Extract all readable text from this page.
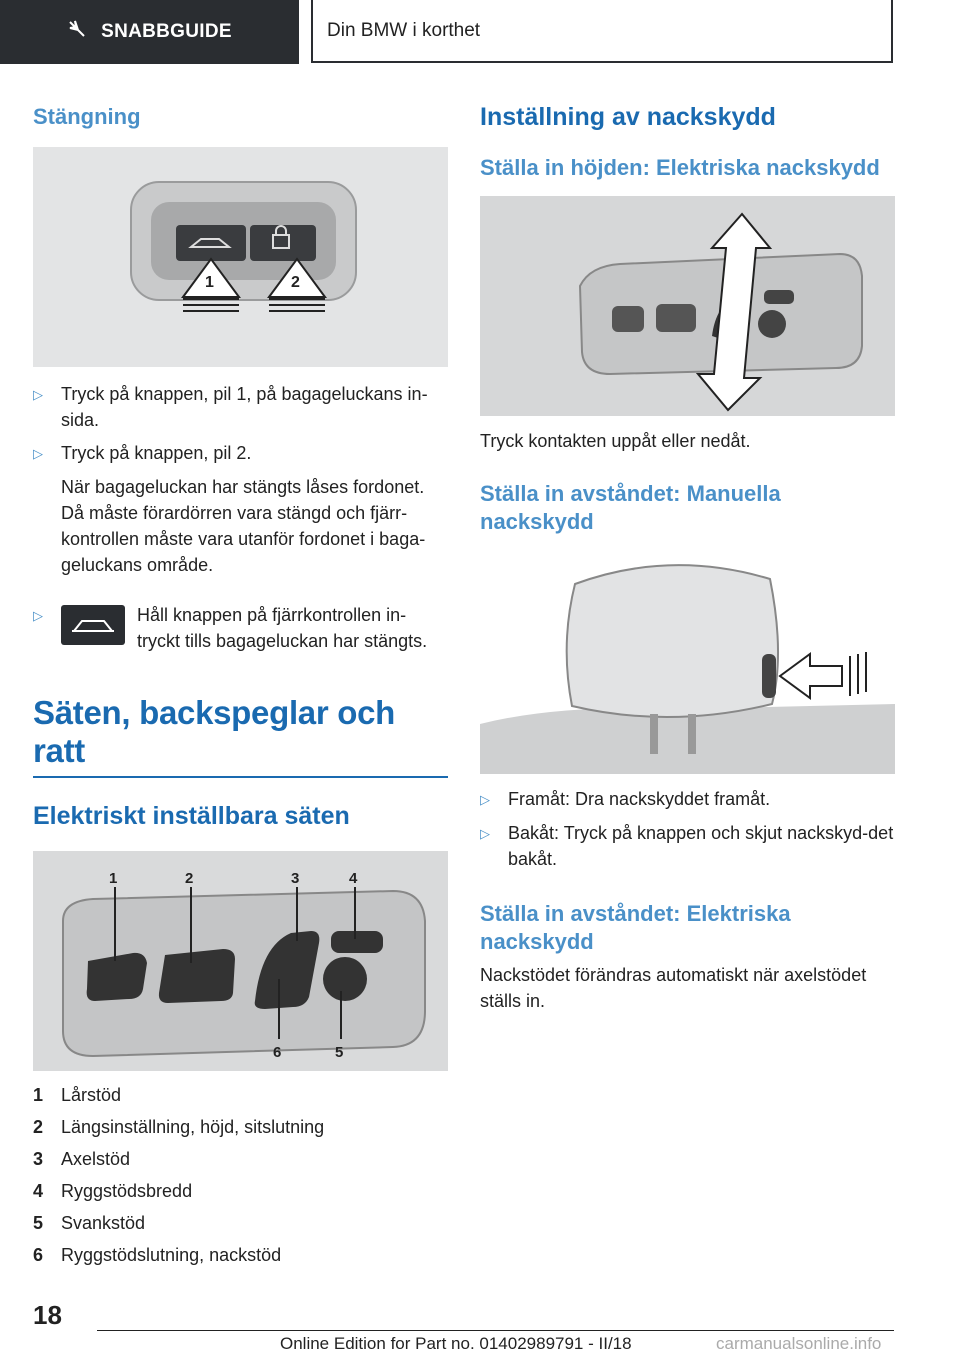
SNABBGUIDE	Din BMW i korthet
Stängning
1	2
▷	Tryck på knappen, pil 1, på bagageluckans in-sida.
▷	Tryck på knappen, pil 2.

När bagageluckan har stängts låses fordonet. Då måste förardörren vara stängd och fjärr-kontrollen måste vara utanför fordonet i baga-geluckans område.

▷	Håll knappen på fjärrkontrollen in-tryckt tills bagageluckan har stängts.
Säten, backspeglar och ratt
Elektriskt inställbara säten
1	2	3	4
6	5
1 Lårstöd
2 Längsinställning, höjd, sitslutning
3 Axelstöd
4 Ryggstödsbredd
5 Svankstöd
6 Ryggstödslutning, nackstöd
Inställning av nackskydd
Ställa in höjden: Elektriska nackskydd

Tryck kontakten uppåt eller nedåt.

Ställa in avståndet: Manuella nackskydd
▷	Framåt: Dra nackskyddet framåt.
▷	Bakåt: Tryck på knappen och skjut nackskyd-det bakåt.
Ställa in avståndet: Elektriska nackskydd

Nackstödet förändras automatiskt när axelstödet ställs in.

18
Online Edition for Part no. 01402989791 - II/18	carmanualsonline.info
